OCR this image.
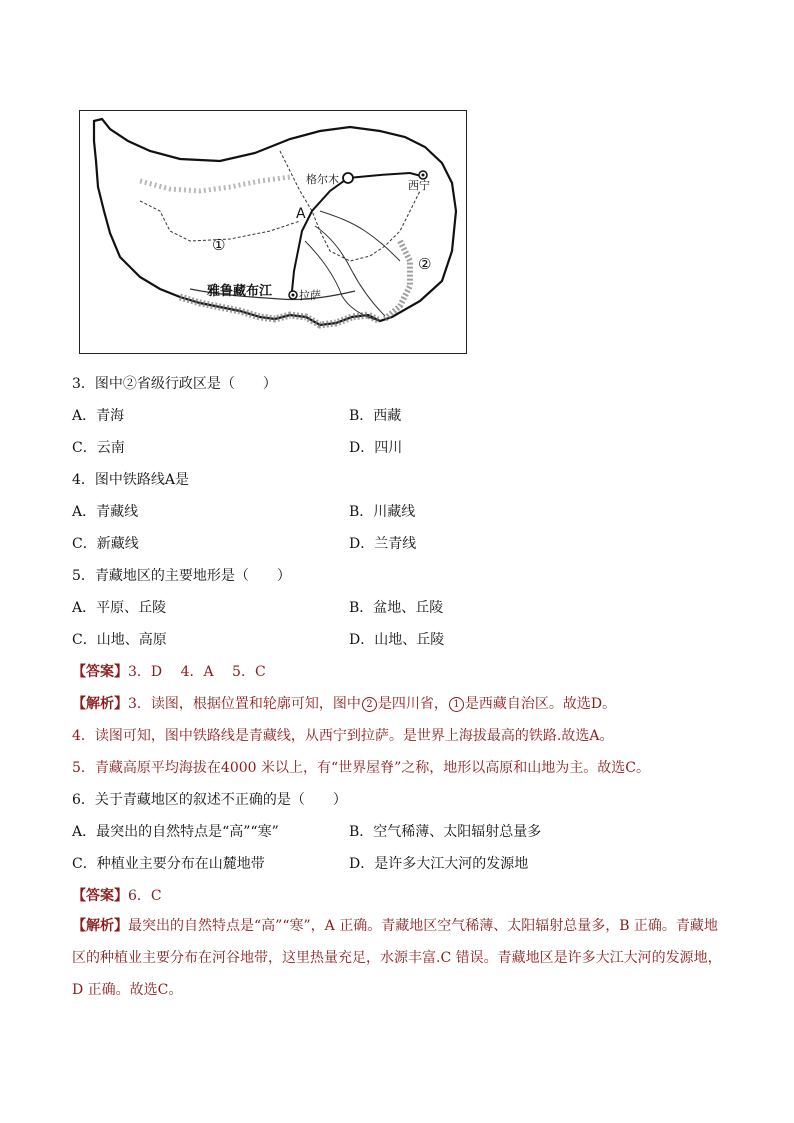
格尔木	西宁
A
①
②
雅鲁藏布江 拉萨
3．图中②省级行政区是（　　）
A．青海	B．西藏
C．云南	D．四川
4．图中铁路线A是
A．青藏线	B．川藏线
C．新藏线	D．兰青线
5．青藏地区的主要地形是（　　）
A．平原、丘陵	B．盆地、丘陵
C．山地、高原	D．山地、丘陵
【答案】3．D　 4．A　 5．C
【解析】3．读图，根据位置和轮廓可知，图中 2 是四川省， 1 是西藏自治区。故选D。
4．读图可知，图中铁路线是青藏线，从西宁到拉萨。是世界上海拔最高的铁路.故选A。
5．青藏高原平均海拔在4000 米以上，有“世界屋脊”之称，地形以高原和山地为主。故选C。
6．关于青藏地区的叙述不正确的是（　　）
A．最突出的自然特点是“高”“寒”	B．空气稀薄、太阳辐射总量多
C．种植业主要分布在山麓地带	D．是许多大江大河的发源地
【答案】6．C
【解析】最突出的自然特点是“高”“寒”，A 正确。青藏地区空气稀薄、太阳辐射总量多，B 正确。青藏地区的种植业主要分布在河谷地带，这里热量充足，水源丰富.C 错误。青藏地区是许多大江大河的发源地，D 正确。故选C。
